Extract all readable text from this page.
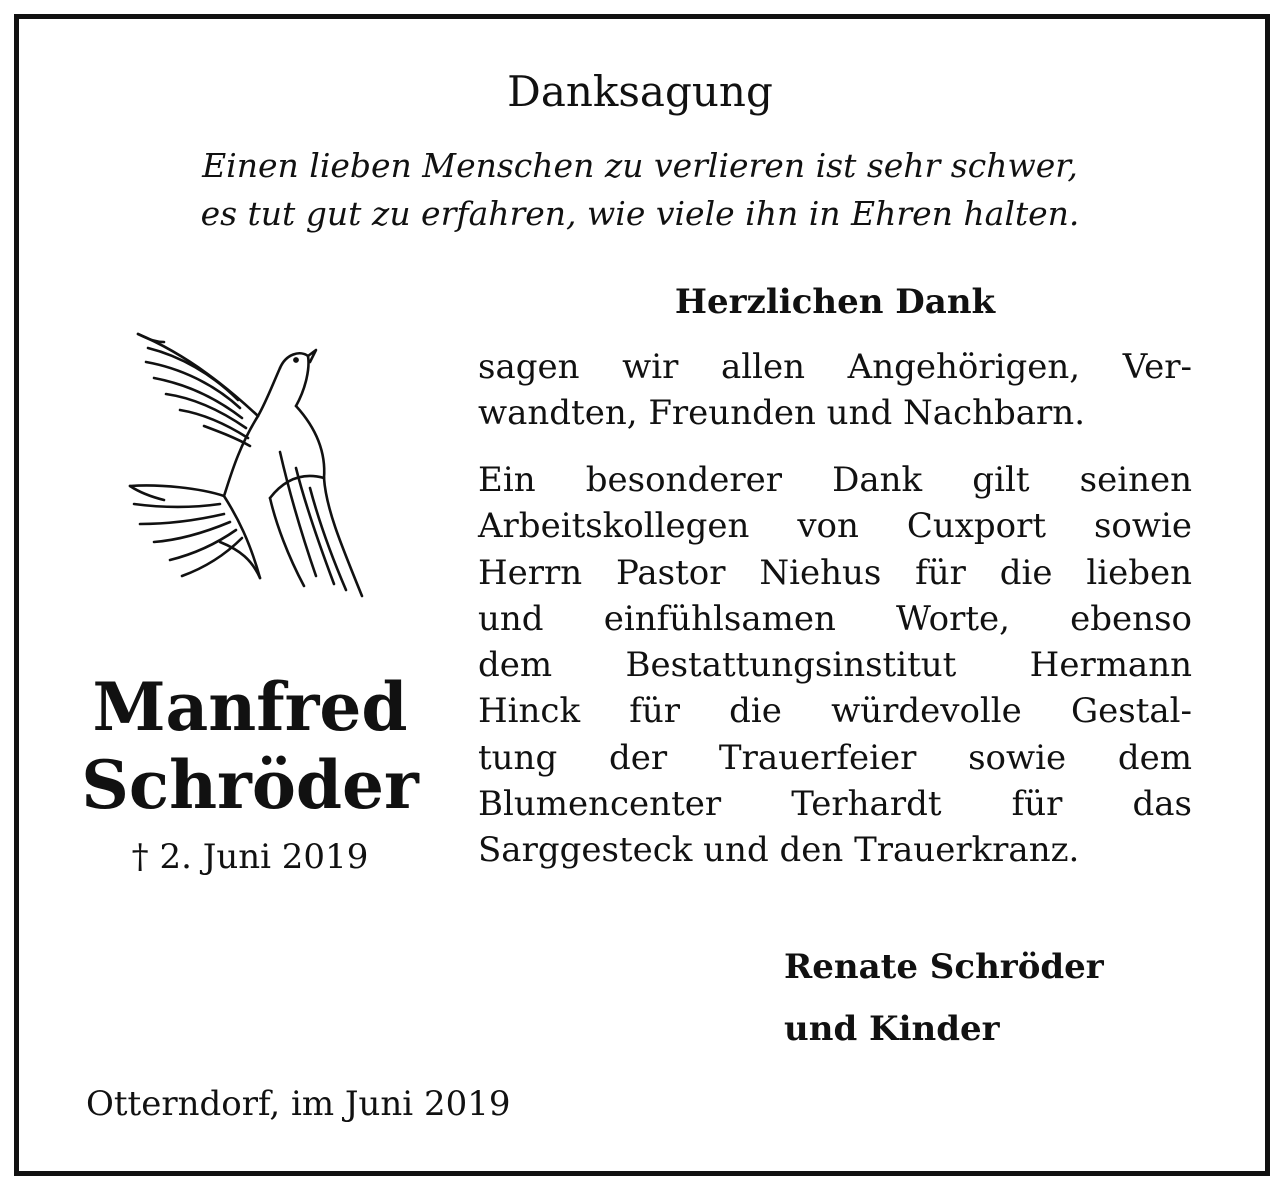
Danksagung
Einen lieben Menschen zu verlieren ist sehr schwer,
es tut gut zu erfahren, wie viele ihn in Ehren halten.
Herzlichen Dank
sagen wir allen Angehörigen, Ver-
wandten, Freunden und Nachbarn.
Ein besonderer Dank gilt seinen
Arbeitskollegen von Cuxport sowie
Herrn Pastor Niehus für die lieben
und einfühlsamen Worte, ebenso
dem Bestattungsinstitut Hermann
Hinck für die würdevolle Gestal-
tung der Trauerfeier sowie dem
Blumencenter Terhardt für das
Sarggesteck und den Trauerkranz.
Manfred
Schröder
† 2. Juni 2019
Renate Schröder
und Kinder
Otterndorf, im Juni 2019
